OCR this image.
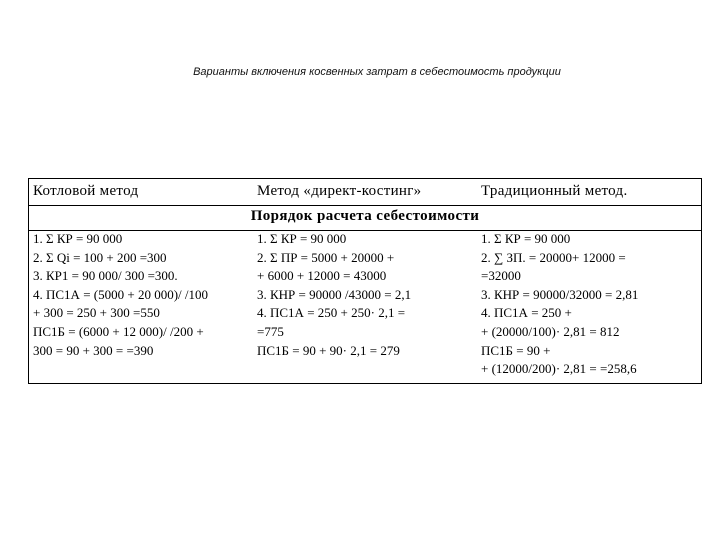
Варианты включения косвенных затрат в себестоимость продукции
Котловой метод	Метод «директ-костинг»	Традиционный метод.
Порядок расчета себестоимости
1. Σ КР = 90 000
2. Σ Qi = 100 + 200 =300
3. КР1 = 90 000/ 300 =300.
4. ПС1А = (5000 + 20 000)/ /100
+ 300 = 250 + 300 =550
ПС1Б = (6000 + 12 000)/ /200 +
300 = 90 + 300 = =390
1. Σ КР = 90 000
2. Σ ПР = 5000 + 20000 +
+ 6000 + 12000 = 43000
3. КНР = 90000 /43000 = 2,1
4. ПС1А = 250 + 250· 2,1 =
=775
ПС1Б = 90 + 90· 2,1 = 279
1. Σ КР = 90 000
2. ∑ ЗП. = 20000+ 12000 =
=32000
3. КНР = 90000/32000 = 2,81
4. ПС1А = 250 +
+ (20000/100)· 2,81 = 812
ПС1Б = 90 +
+ (12000/200)· 2,81 = =258,6
